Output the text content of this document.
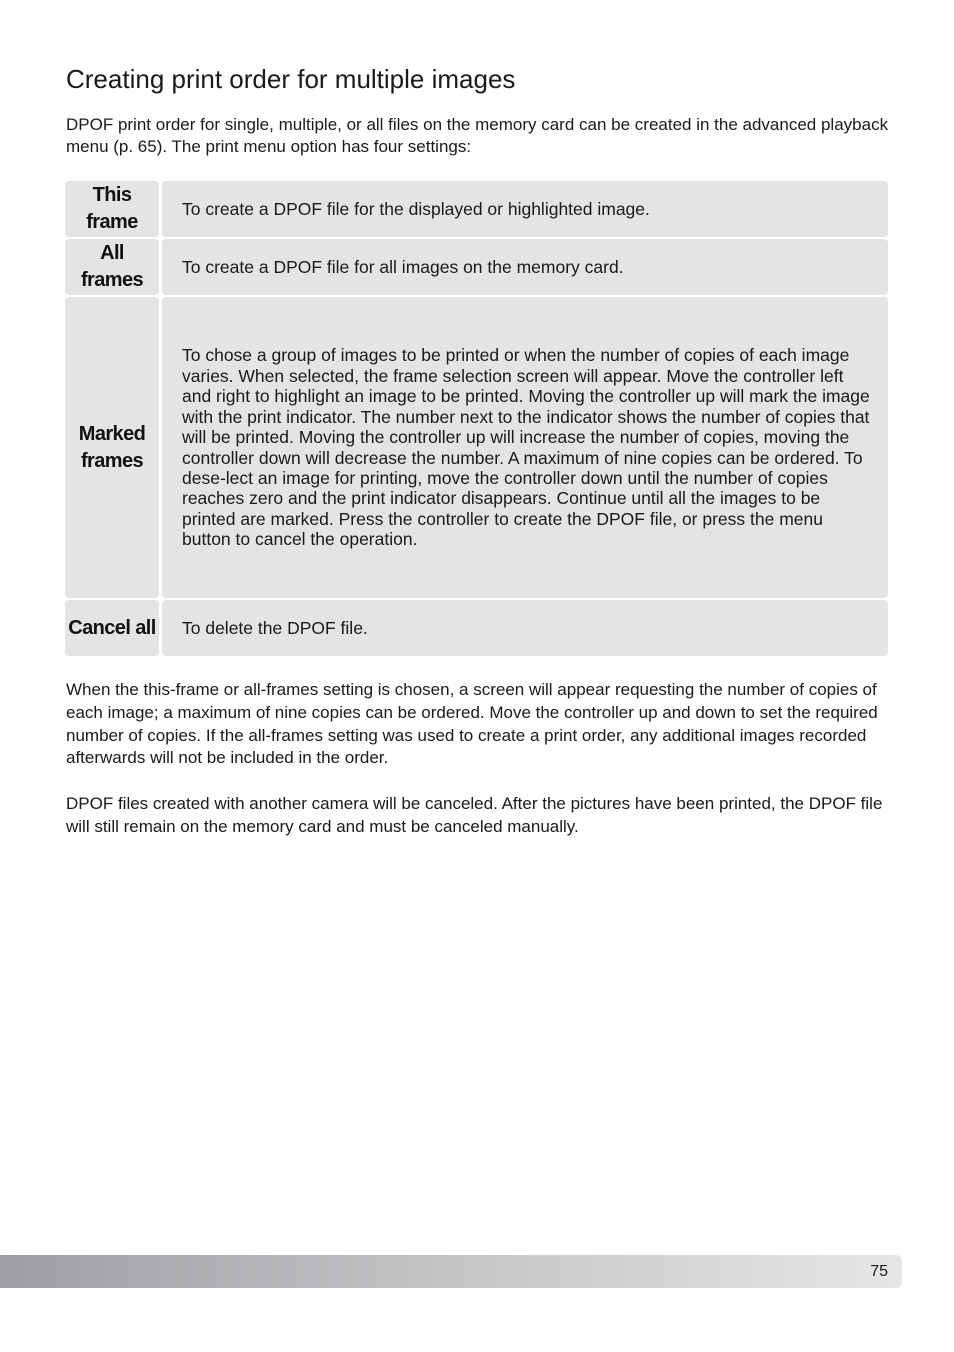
Creating print order for multiple images

DPOF print order for single, multiple, or all files on the memory card can be created in the advanced playback menu (p. 65). The print menu option has four settings:

This frame
To create a DPOF file for the displayed or highlighted image.
All frames
To create a DPOF file for all images on the memory card.
Marked frames
To chose a group of images to be printed or when the number of copies of each image varies. When selected, the frame selection screen will appear. Move the controller left and right to highlight an image to be printed. Moving the controller up will mark the image with the print indicator. The number next to the indicator shows the number of copies that will be printed. Moving the controller up will increase the number of copies, moving the controller down will decrease the number. A maximum of nine copies can be ordered. To dese-lect an image for printing, move the controller down until the number of copies reaches zero and the print indicator disappears. Continue until all the images to be printed are marked. Press the controller to create the DPOF file, or press the menu button to cancel the operation.
Cancel all	To delete the DPOF file.

When the this-frame or all-frames setting is chosen, a screen will appear requesting the number of copies of each image; a maximum of nine copies can be ordered. Move the controller up and down to set the required number of copies. If the all-frames setting was used to create a print order, any additional images recorded afterwards will not be included in the order.

DPOF files created with another camera will be canceled. After the pictures have been printed, the DPOF file will still remain on the memory card and must be canceled manually.

75
